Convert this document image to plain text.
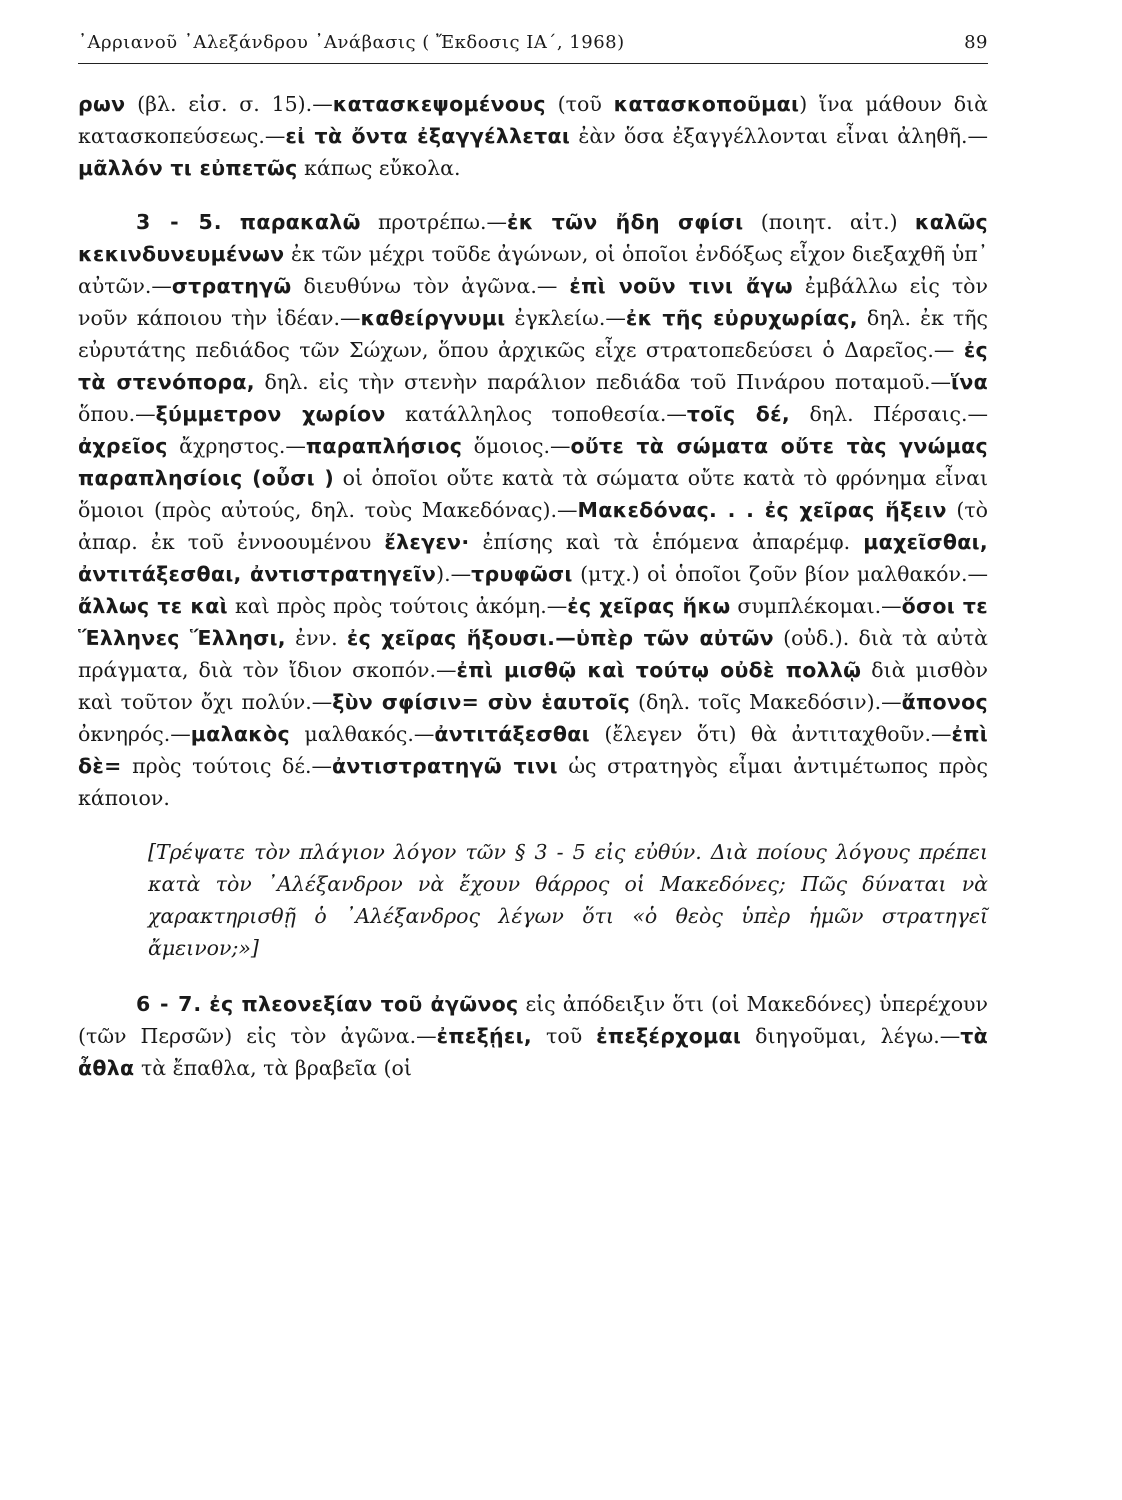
᾿Αρριανοῦ ᾿Αλεξάνδρου ᾿Ανάβασις ( Ἔκδοσις ΙΑ΄, 1968)	89

ρων (βλ. εἰσ. σ. 15).—κατασκεψομένους (τοῦ κατασκοποῦμαι) ἵνα μάθουν διὰ κατασκοπεύσεως.—εἰ τὰ ὄντα ἐξαγγέλλεται ἐὰν ὅσα ἐξαγγέλλονται εἶναι ἀληθῆ.—μᾶλλόν τι εὐπετῶς κάπως εὔκολα.

3 - 5. παρακαλῶ προτρέπω.—ἐκ τῶν ἤδη σφίσι (ποιητ. αἰτ.) καλῶς κεκινδυνευμένων ἐκ τῶν μέχρι τοῦδε ἀγώνων, οἱ ὁποῖοι ἐνδόξως εἶχον διεξαχθῆ ὑπ᾿ αὐτῶν.—στρατηγῶ διευθύνω τὸν ἀγῶνα.— ἐπὶ νοῦν τινι ἄγω ἐμβάλλω εἰς τὸν νοῦν κάποιου τὴν ἰδέαν.—καθείργνυμι ἐγκλείω.—ἐκ τῆς εὐρυχωρίας, δηλ. ἐκ τῆς εὐρυτάτης πεδιάδος τῶν Σώχων, ὅπου ἀρχικῶς εἶχε στρατοπεδεύσει ὁ Δαρεῖος.— ἐς τὰ στενόπορα, δηλ. εἰς τὴν στενὴν παράλιον πεδιάδα τοῦ Πινάρου ποταμοῦ.—ἵνα ὅπου.—ξύμμετρον χωρίον κατάλληλος τοποθεσία.—τοῖς δέ, δηλ. Πέρσαις.—ἀχρεῖος ἄχρηστος.—παραπλήσιος ὅμοιος.—οὔτε τὰ σώματα οὔτε τὰς γνώμας παραπλησίοις (οὖσι ) οἱ ὁποῖοι οὔτε κατὰ τὰ σώματα οὔτε κατὰ τὸ φρόνημα εἶναι ὅμοιοι (πρὸς αὐτούς, δηλ. τοὺς Μακεδόνας).—Μακεδόνας. . . ἐς χεῖρας ἥξειν (τὸ ἀπαρ. ἐκ τοῦ ἐννοουμένου ἔλεγεν· ἐπίσης καὶ τὰ ἑπόμενα ἀπαρέμφ. μαχεῖσθαι, ἀντιτάξεσθαι, ἀντιστρατηγεῖν).—τρυφῶσι (μτχ.) οἱ ὁποῖοι ζοῦν βίον μαλθακόν.—ἄλλως τε καὶ καὶ πρὸς πρὸς τούτοις ἀκόμη.—ἐς χεῖρας ἥκω συμπλέκομαι.—ὅσοι τε Ἕλληνες Ἕλλησι, ἐνν. ἐς χεῖρας ἥξουσι.—ὑπὲρ τῶν αὐτῶν (οὐδ.). διὰ τὰ αὐτὰ πράγματα, διὰ τὸν ἴδιον σκοπόν.—ἐπὶ μισθῷ καὶ τούτῳ οὐδὲ πολλῷ διὰ μισθὸν καὶ τοῦτον ὄχι πολύν.—ξὺν σφίσιν= σὺν ἑαυτοῖς (δηλ. τοῖς Μακεδόσιν).—ἄπονος ὀκνηρός.—μαλακὸς μαλθακός.—ἀντιτάξεσθαι (ἔλεγεν ὅτι) θὰ ἀντιταχθοῦν.—ἐπὶ δὲ= πρὸς τούτοις δέ.—ἀντιστρατηγῶ τινι ὡς στρατηγὸς εἶμαι ἀντιμέτωπος πρὸς κάποιον.

[Τρέψατε τὸν πλάγιον λόγον τῶν § 3 - 5 εἰς εὐθύν. Διὰ ποίους λόγους πρέπει κατὰ τὸν ᾿Αλέξανδρον νὰ ἔχουν θάρρος οἱ Μακεδόνες; Πῶς δύναται νὰ χαρακτηρισθῇ ὁ ᾿Αλέξανδρος λέγων ὅτι «ὁ θεὸς ὑπὲρ ἡμῶν στρατηγεῖ ἄμεινον;»]

6 - 7. ἐς πλεονεξίαν τοῦ ἀγῶνος εἰς ἀπόδειξιν ὅτι (οἱ Μακεδόνες) ὑπερέχουν (τῶν Περσῶν) εἰς τὸν ἀγῶνα.—ἐπεξῄει, τοῦ ἐπεξέρχομαι διηγοῦμαι, λέγω.—τὰ ἆθλα τὰ ἔπαθλα, τὰ βραβεῖα (οἱ
